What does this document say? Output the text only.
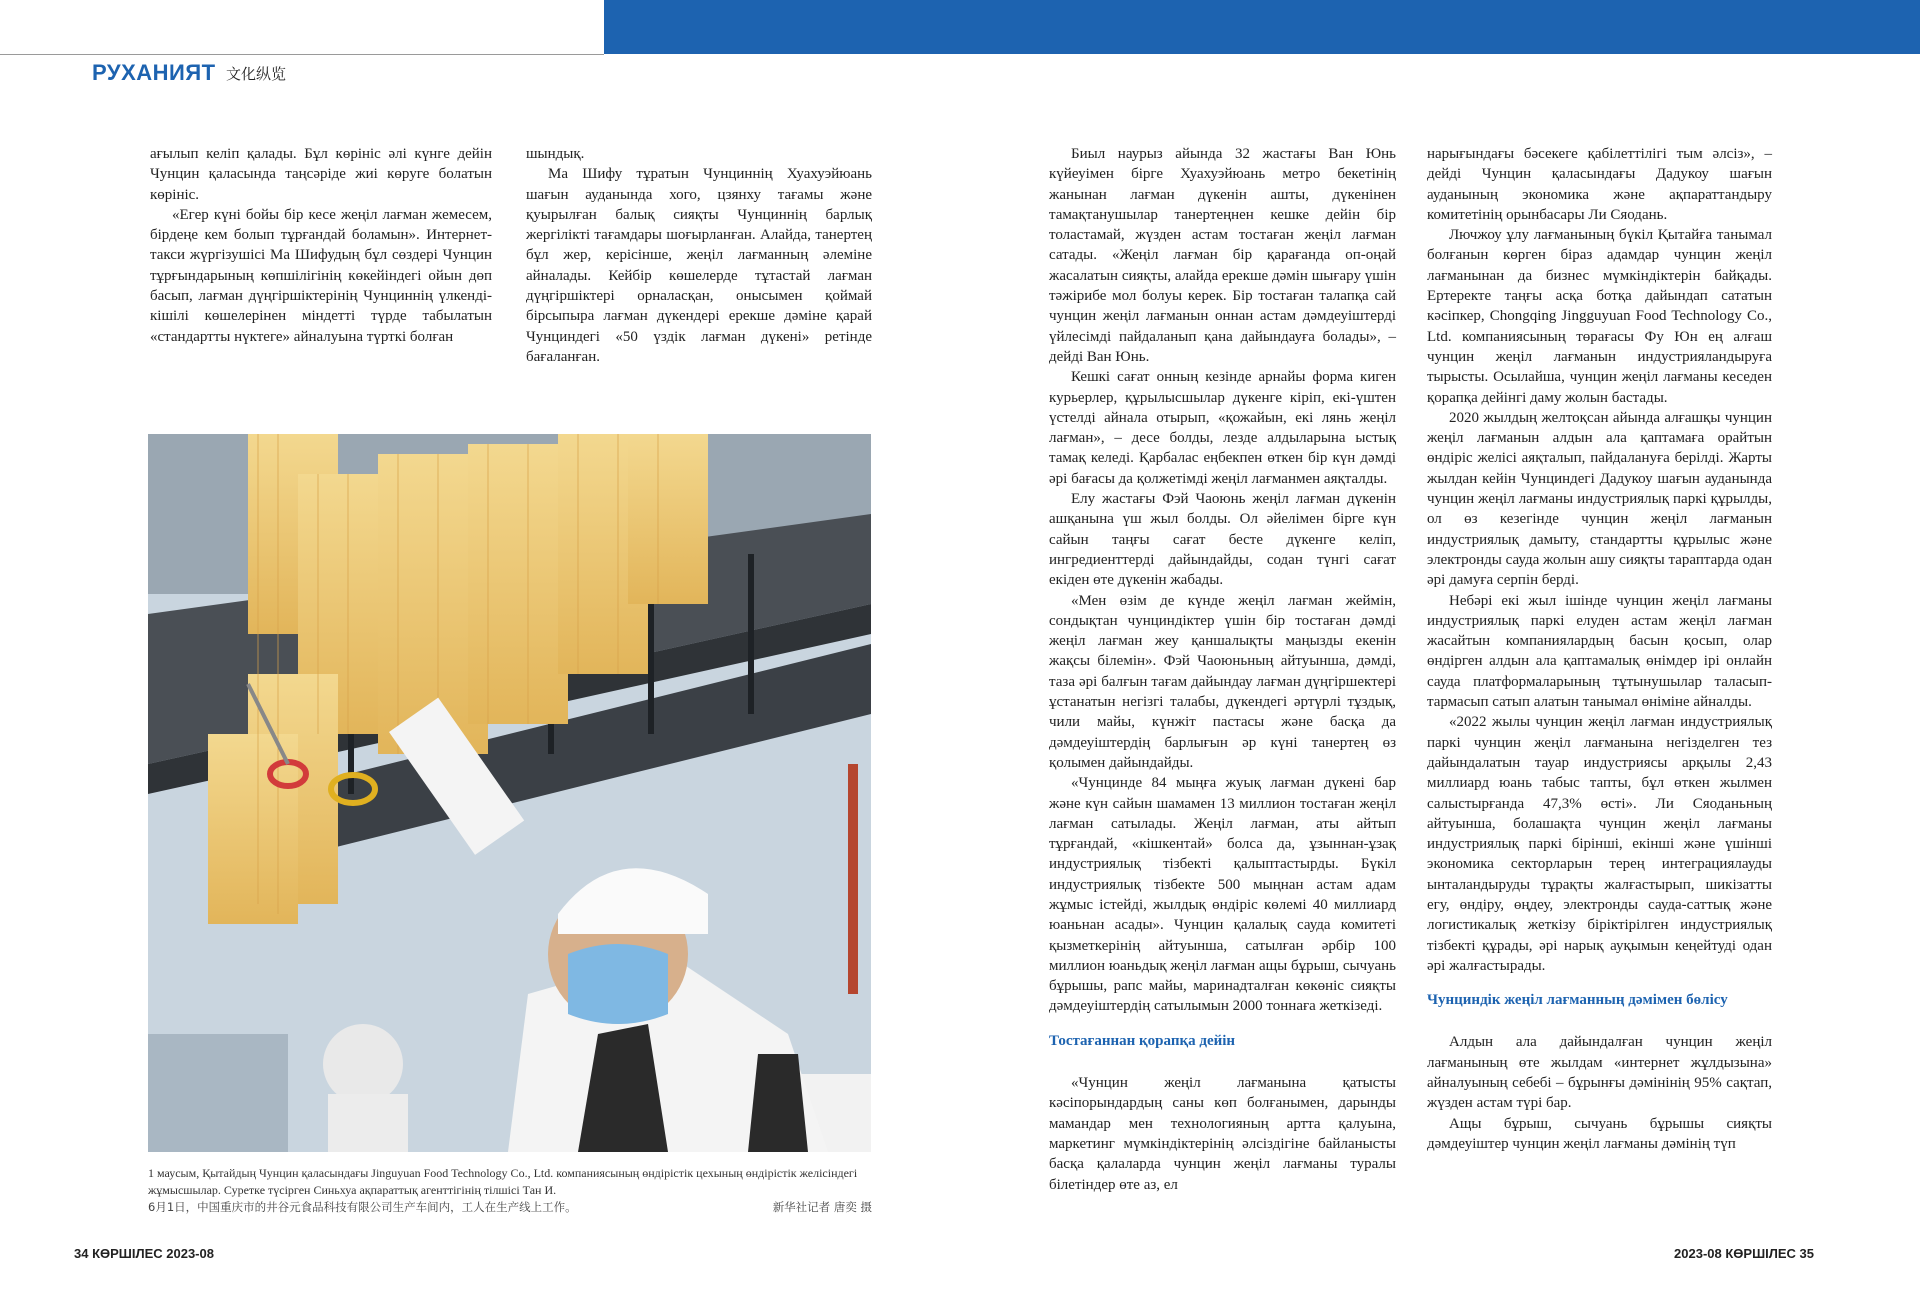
РУХАНИЯТ 文化纵览

ағылып келіп қалады. Бұл көрініс әлі күнге дейін Чунцин қаласында таңсәріде жиі көруге болатын көрініс.

«Егер күні бойы бір кесе жеңіл лағман жемесем, бірдеңе кем болып тұрғандай боламын». Интернет-такси жүргізушісі Ма Шифудың бұл сөздері Чунцин тұрғындарының көпшілігінің көкейіндегі ойын дөп басып, лағман дүңгіршіктерінің Чунциннің үлкенді-кішілі көшелерінен міндетті түрде табылатын «стандартты нүктеге» айналуына түрткі болған

шындық.

Ма Шифу тұратын Чунциннің Хуахуэйюань шағын ауданында хого, цзянху тағамы және қуырылған балық сияқты Чунциннің барлық жергілікті тағамдары шоғырланған. Алайда, танертең бұл жер, керісінше, жеңіл лағманның әлеміне айналады. Кейбір көшелерде тұтастай лағман дүңгіршіктері орналасқан, онысымен қоймай бірсыпыра лағман дүкендері ерекше дәміне қарай Чунциндегі «50 үздік лағман дүкені» ретінде бағаланған.

1 маусым, Қытайдың Чунцин қаласындағы Jinguyuan Food Technology Co., Ltd. компаниясының өндірістік цехының өндірістік желісіндегі жұмысшылар. Суретке түсірген Синьхуа ақпараттық агенттігінің тілшісі Тан И.
6月1日，中国重庆市的井谷元食品科技有限公司生产车间内，工人在生产线上工作。	新华社记者 唐奕 摄

Биыл наурыз айында 32 жастағы Ван Юнь күйеуімен бірге Хуахуэйюань метро бекетінің жанынан лағман дүкенін ашты, дүкенінен тамақтанушылар танертеңнен кешке дейін бір толастамай, жүзден астам тостаған жеңіл лағман сатады. «Жеңіл лағман бір қарағанда оп-оңай жасалатын сияқты, алайда ерекше дәмін шығару үшін тәжірибе мол болуы керек. Бір тостаған талапқа сай чунцин жеңіл лағманын оннан астам дәмдеуіштерді үйлесімді пайдаланып қана дайындауға болады», – дейді Ван Юнь.

Кешкі сағат онның кезінде арнайы форма киген курьерлер, құрылысшылар дүкенге кіріп, екі-үштен үстелді айнала отырып, «қожайын, екі лянь жеңіл лағман», – десе болды, лезде алдыларына ыстық тамақ келеді. Қарбалас еңбекпен өткен бір күн дәмді әрі бағасы да қолжетімді жеңіл лағманмен аяқталды.

Елу жастағы Фэй Чаоюнь жеңіл лағман дүкенін ашқанына үш жыл болды. Ол әйелімен бірге күн сайын таңғы сағат бесте дүкенге келіп, ингредиенттерді дайындайды, содан түнгі сағат екіден өте дүкенін жабады.

«Мен өзім де күнде жеңіл лағман жеймін, сондықтан чунциндіктер үшін бір тостаған дәмді жеңіл лағман жеу қаншалықты маңызды екенін жақсы білемін». Фэй Чаоюньның айтуынша, дәмді, таза әрі балғын тағам дайындау лағман дүңгіршектері ұстанатын негізгі талабы, дүкендегі әртүрлі тұздық, чили майы, күнжіт пастасы және басқа да дәмдеуіштердің барлығын әр күні танертең өз қолымен дайындайды.

«Чунцинде 84 мыңға жуық лағман дүкені бар және күн сайын шамамен 13 миллион тостаған жеңіл лағман сатылады. Жеңіл лағман, аты айтып тұрғандай, «кішкентай» болса да, ұзыннан-ұзақ индустриялық тізбекті қалыптастырды. Бүкіл индустриялық тізбекте 500 мыңнан астам адам жұмыс істейді, жылдық өндіріс көлемі 40 миллиард юаньнан асады». Чунцин қалалық сауда комитеті қызметкерінің айтуынша, сатылған әрбір 100 миллион юаньдық жеңіл лағман ащы бұрыш, сычуань бұрышы, рапс майы, маринадталған көкөніс сияқты дәмдеуіштердің сатылымын 2000 тоннаға жеткізеді.

Тостағаннан қорапқа дейін

«Чунцин жеңіл лағманына қатысты кәсіпорындардың саны көп болғанымен, дарынды мамандар мен технологияның артта қалуына, маркетинг мүмкіндіктерінің әлсіздігіне байланысты басқа қалаларда чунцин жеңіл лағманы туралы білетіндер өте аз, ел

нарығындағы бәсекеге қабілеттілігі тым әлсіз», – дейді Чунцин қаласындағы Дадукоу шағын ауданының экономика және ақпараттандыру комитетінің орынбасары Ли Сяодань.

Лючжоу ұлу лағманының бүкіл Қытайға танымал болғанын көрген біраз адамдар чунцин жеңіл лағманынан да бизнес мүмкіндіктерін байқады. Ертеректе таңғы асқа ботқа дайындап сататын кәсіпкер, Chongqing Jingguyuan Food Technology Co., Ltd. компаниясының төрағасы Фу Юн ең алғаш чунцин жеңіл лағманын индустрияландыруға тырысты. Осылайша, чунцин жеңіл лағманы кеседен қорапқа дейінгі даму жолын бастады.

2020 жылдың желтоқсан айында алғашқы чунцин жеңіл лағманын алдын ала қаптамаға орайтын өндіріс желісі аяқталып, пайдалануға берілді. Жарты жылдан кейін Чунциндегі Дадукоу шағын ауданында чунцин жеңіл лағманы индустриялық паркі құрылды, ол өз кезегінде чунцин жеңіл лағманын индустриялық дамыту, стандартты құрылыс және электронды сауда жолын ашу сияқты тараптарда одан әрі дамуға серпін берді.

Небәрі екі жыл ішінде чунцин жеңіл лағманы индустриялық паркі елуден астам жеңіл лағман жасайтын компаниялардың басын қосып, олар өндірген алдын ала қаптамалық өнімдер ірі онлайн сауда платформаларының тұтынушылар таласып-тармасып сатып алатын танымал өніміне айналды.

«2022 жылы чунцин жеңіл лағман индустриялық паркі чунцин жеңіл лағманына негізделген тез дайындалатын тауар индустриясы арқылы 2,43 миллиард юань табыс тапты, бұл өткен жылмен салыстырғанда 47,3% өсті». Ли Сяоданьның айтуынша, болашақта чунцин жеңіл лағманы индустриялық паркі бірінші, екінші және үшінші экономика секторларын терең интеграциялауды ынталандыруды тұрақты жалғастырып, шикізатты егу, өндіру, өңдеу, электронды сауда-саттық және логистикалық жеткізу біріктірілген индустриялық тізбекті құрады, әрі нарық ауқымын кеңейтуді одан әрі жалғастырады.

Чунциндік жеңіл лағманның дәмімен бөлісу

Алдын ала дайындалған чунцин жеңіл лағманының өте жылдам «интернет жұлдызына» айналуының себебі – бұрынғы дәмінінің 95% сақтап, жүзден астам түрі бар.

Ащы бұрыш, сычуань бұрышы сияқты дәмдеуіштер чунцин жеңіл лағманы дәмінің түп

34 КӨРШІЛЕС 2023-08	2023-08 КӨРШІЛЕС 35
